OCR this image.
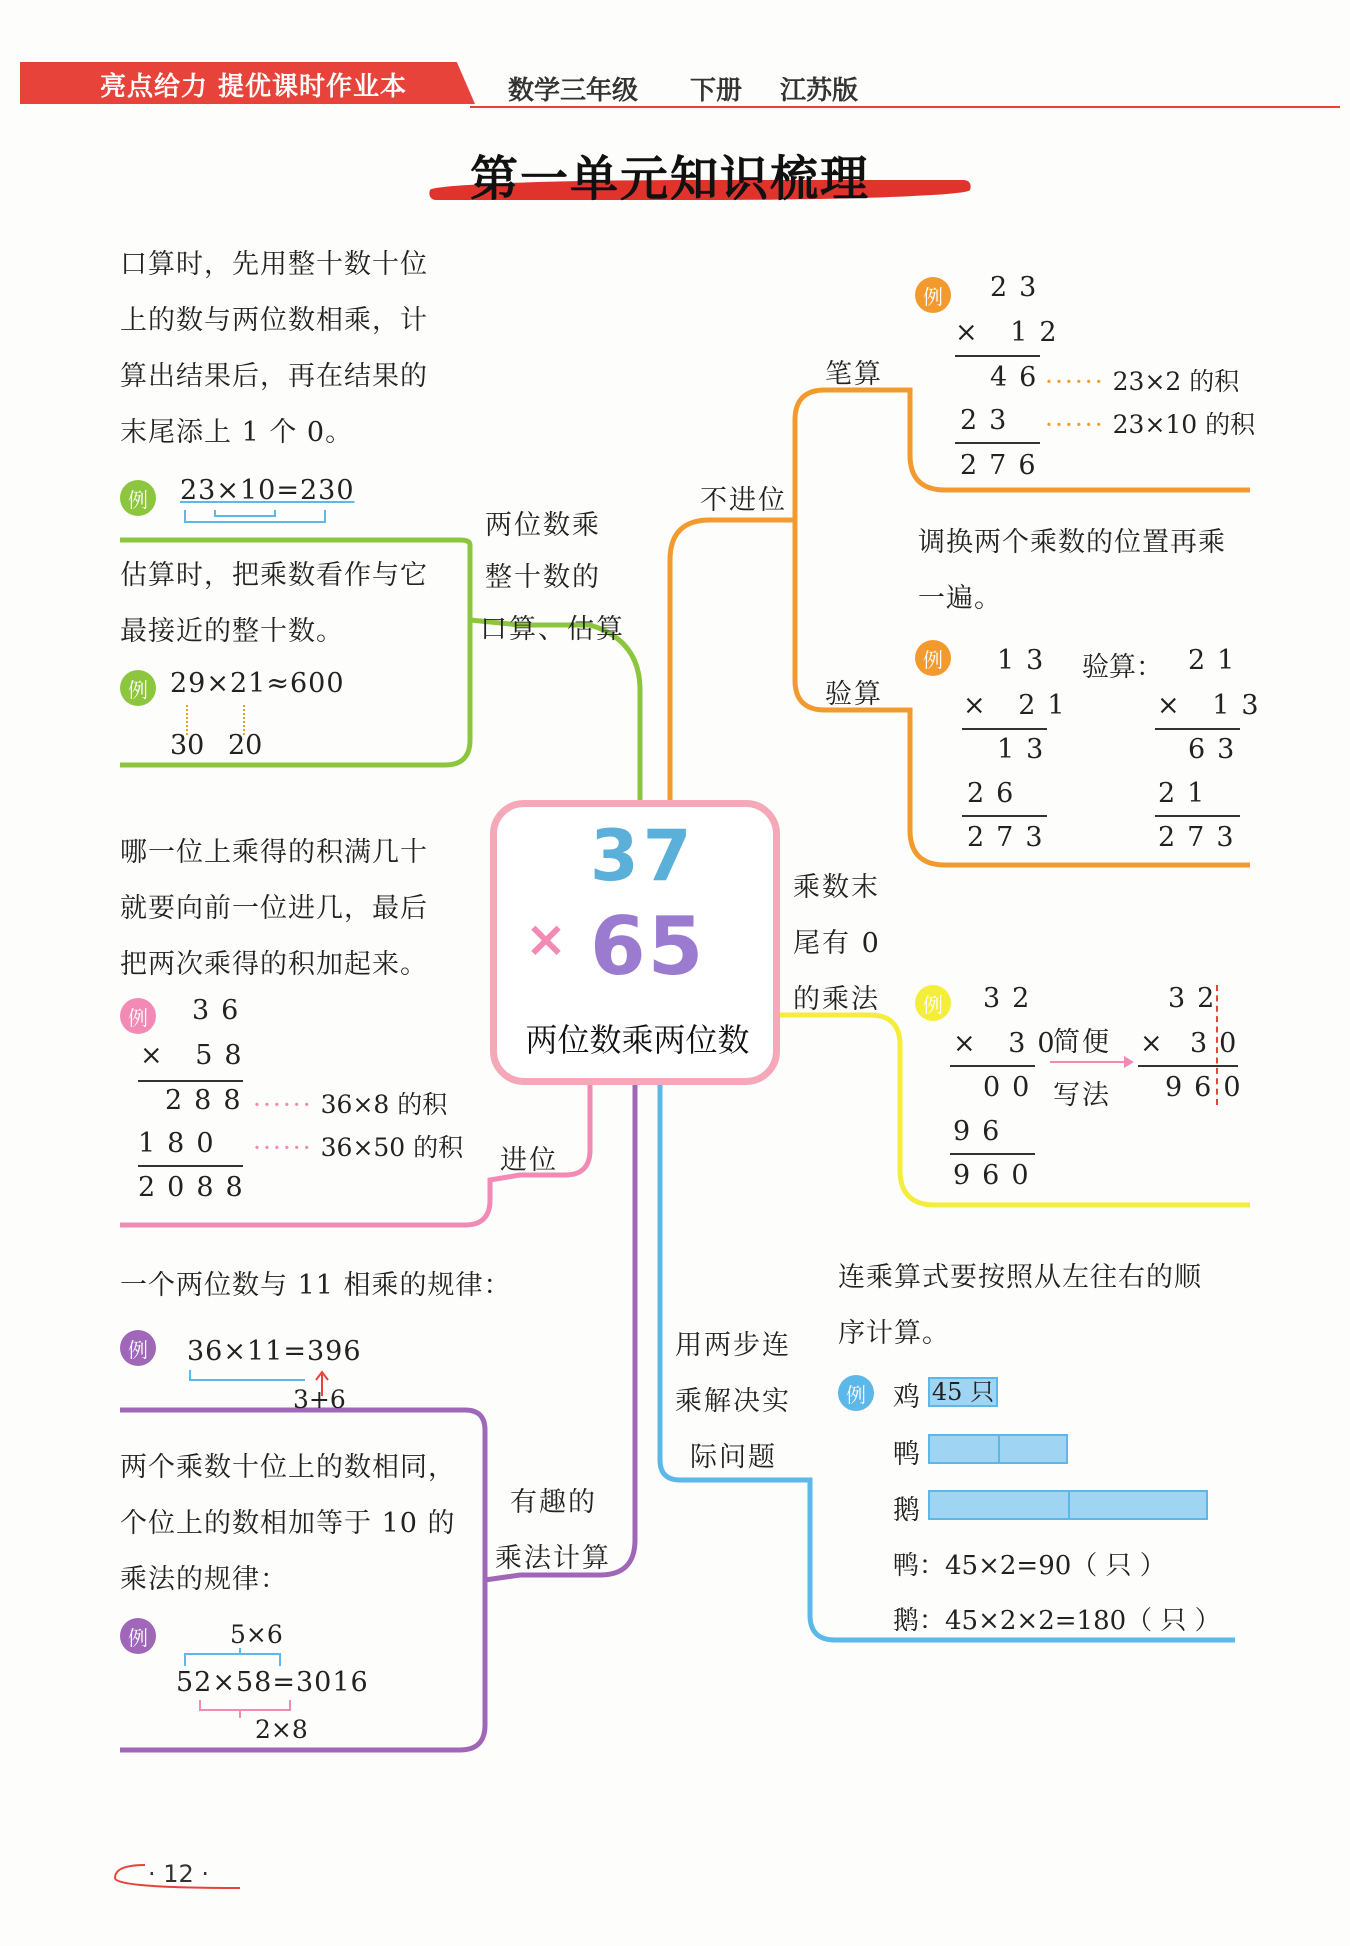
亮点给力 提优课时作业本	数学三年级 下册 江苏版
第一单元知识梳理
37
× 65
两位数乘两位数
两位数乘
整十数的
口算、估算
不进位
笔算
验算
乘数末
尾有 0
的乘法
进位
用两步连
乘解决实
际问题
有趣的
乘法计算
口算时，先用整十数十位
上的数与两位数相乘，计
算出结果后，再在结果的
末尾添上 1 个 0。
例 23×10=230
估算时，把乘数看作与它
最接近的整十数。
例 29×21≈600
30 20
哪一位上乘得的积满几十
就要向前一位进几，最后
把两次乘得的积加起来。
例 36
× 58
288 ······ 36×8 的积
180 ······ 36×50 的积
2088
一个两位数与 11 相乘的规律：
例 36×11=396
3+6
两个乘数十位上的数相同，
个位上的数相加等于 10 的
乘法的规律：
例	5×6
52×58=3016
2×8
例 23
× 12
46
······ 23×2 的积
23 ······ 23×10 的积
276
调换两个乘数的位置再乘
一遍。
例 13
× 21
13
26
273
验算： 21
× 13
63
21
273
例 32
× 30
00
96
960
简便
写法
32
× 30
960
连乘算式要按照从左往右的顺
序计算。
例 鸡 45 只
鸭
鹅
鸭：45×2=90（ 只 ）
鹅：45×2×2=180（ 只 ）
· 12 ·
